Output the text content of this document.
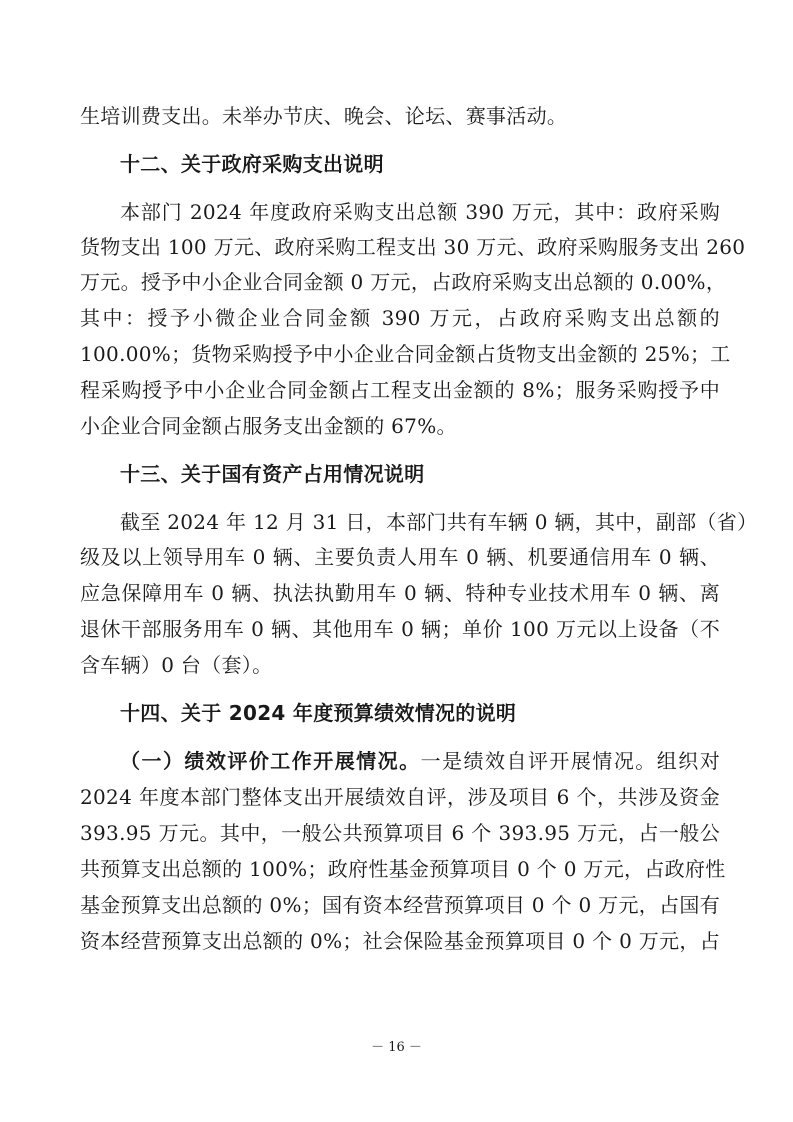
生培训费支出。未举办节庆、晚会、论坛、赛事活动。
十二、关于政府采购支出说明
本部门 2024 年度政府采购支出总额 390 万元，其中：政府采购
货物支出 100 万元、政府采购工程支出 30 万元、政府采购服务支出 260
万元。授予中小企业合同金额 0 万元，占政府采购支出总额的 0.00%，
其中：授予小微企业合同金额 390 万元，占政府采购支出总额的
100.00%；货物采购授予中小企业合同金额占货物支出金额的 25%；工
程采购授予中小企业合同金额占工程支出金额的 8%；服务采购授予中
小企业合同金额占服务支出金额的 67%。
十三、关于国有资产占用情况说明
截至 2024 年 12 月 31 日，本部门共有车辆 0 辆，其中，副部（省）
级及以上领导用车 0 辆、主要负责人用车 0 辆、机要通信用车 0 辆、
应急保障用车 0 辆、执法执勤用车 0 辆、特种专业技术用车 0 辆、离
退休干部服务用车 0 辆、其他用车 0 辆；单价 100 万元以上设备（不
含车辆）0 台（套）。
十四、关于 2024 年度预算绩效情况的说明
（一）绩效评价工作开展情况。一是绩效自评开展情况。组织对
2024 年度本部门整体支出开展绩效自评，涉及项目 6 个，共涉及资金
393.95 万元。其中，一般公共预算项目 6 个 393.95 万元，占一般公
共预算支出总额的 100%；政府性基金预算项目 0 个 0 万元，占政府性
基金预算支出总额的 0%；国有资本经营预算项目 0 个 0 万元，占国有
资本经营预算支出总额的 0%；社会保险基金预算项目 0 个 0 万元，占
－ 16 －
